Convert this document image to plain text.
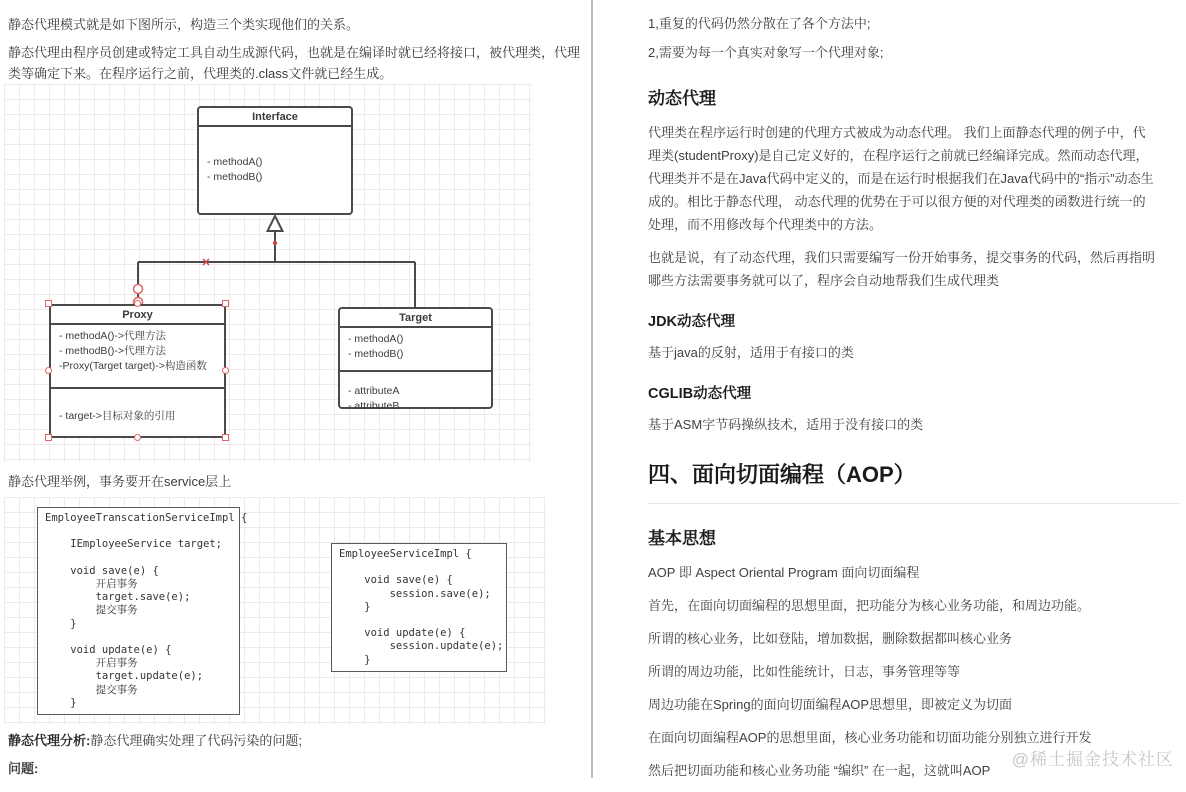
静态代理模式就是如下图所示，构造三个类实现他们的关系。

静态代理由程序员创建或特定工具自动生成源代码，也就是在编译时就已经将接口，被代理类，代理类等确定下来。在程序运行之前，代理类的.class文件就已经生成。

Interface
- methodA()
- methodB()
Proxy
- methodA()->代理方法
- methodB()->代理方法
-Proxy(Target target)->构造函数
- target->目标对象的引用
Target
- methodA()
- methodB()
- attributeA
- attributeB
静态代理举例，事务要开在service层上
EmployeeTranscationServiceImpl {
IEmployeeService target;
void save(e) {
开启事务
target.save(e);
提交事务
}
void update(e) {
开启事务
target.update(e);
提交事务
}
EmployeeServiceImpl {
void save(e) {
session.save(e);
}
void update(e) {
session.update(e);
}
静态代理分析:静态代理确实处理了代码污染的问题;
问题:

1,重复的代码仍然分散在了各个方法中;

2,需要为每一个真实对象写一个代理对象;

动态代理

代理类在程序运行时创建的代理方式被成为动态代理。 我们上面静态代理的例子中，代理类(studentProxy)是自己定义好的，在程序运行之前就已经编译完成。然而动态代理，代理类并不是在Java代码中定义的，而是在运行时根据我们在Java代码中的“指示”动态生成的。相比于静态代理， 动态代理的优势在于可以很方便的对代理类的函数进行统一的处理，而不用修改每个代理类中的方法。

也就是说，有了动态代理，我们只需要编写一份开始事务，提交事务的代码，然后再指明哪些方法需要事务就可以了，程序会自动地帮我们生成代理类

JDK动态代理

基于java的反射，适用于有接口的类

CGLIB动态代理

基于ASM字节码操纵技术，适用于没有接口的类

四、面向切面编程（AOP）
基本思想

AOP 即 Aspect Oriental Program 面向切面编程

首先，在面向切面编程的思想里面，把功能分为核心业务功能，和周边功能。

所谓的核心业务，比如登陆，增加数据，删除数据都叫核心业务

所谓的周边功能，比如性能统计，日志，事务管理等等

周边功能在Spring的面向切面编程AOP思想里，即被定义为切面

在面向切面编程AOP的思想里面，核心业务功能和切面功能分别独立进行开发

然后把切面功能和核心业务功能 “编织” 在一起，这就叫AOP

@稀土掘金技术社区
